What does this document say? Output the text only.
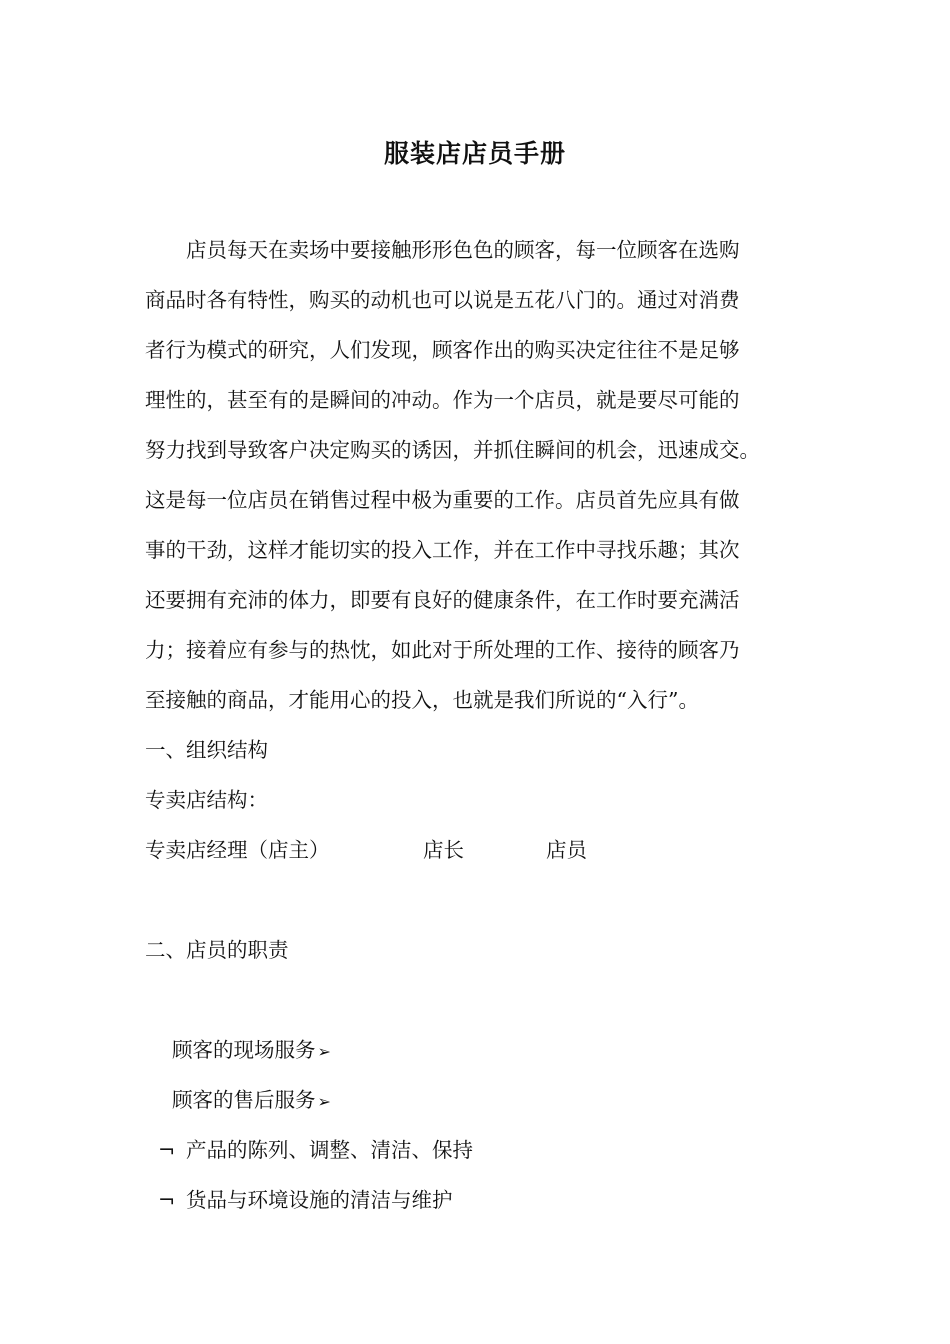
服装店店员手册
店员每天在卖场中要接触形形色色的顾客，每一位顾客在选购
商品时各有特性，购买的动机也可以说是五花八门的。通过对消费
者行为模式的研究，人们发现，顾客作出的购买决定往往不是足够
理性的，甚至有的是瞬间的冲动。作为一个店员，就是要尽可能的
努力找到导致客户决定购买的诱因，并抓住瞬间的机会，迅速成交。
这是每一位店员在销售过程中极为重要的工作。店员首先应具有做
事的干劲，这样才能切实的投入工作，并在工作中寻找乐趣；其次
还要拥有充沛的体力，即要有良好的健康条件，在工作时要充满活
力；接着应有参与的热忱，如此对于所处理的工作、接待的顾客乃
至接触的商品，才能用心的投入，也就是我们所说的“入行”。
一、组织结构
专卖店结构：
专卖店经理（店主）	店长	店员
二、店员的职责
顾客的现场服务 ➢
顾客的售后服务 ➢
¬ 产品的陈列、调整、清洁、保持
¬ 货品与环境设施的清洁与维护
